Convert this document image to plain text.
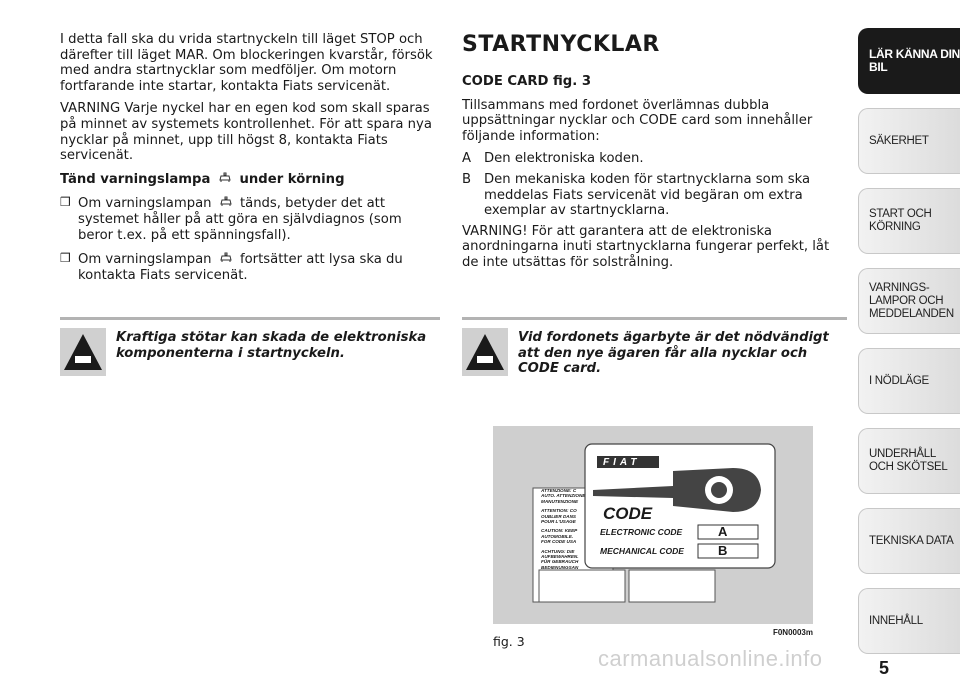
I detta fall ska du vrida startnyckeln till läget STOP och därefter till läget MAR. Om blockeringen kvarstår, försök med andra startnycklar som medföljer. Om motorn fortfarande inte startar, kontakta Fiats servicenät.

VARNING Varje nyckel har en egen kod som skall sparas på minnet av systemets kontrollenhet. För att spara nya nycklar på minnet, upp till högst 8, kontakta Fiats servicenät.

Tänd varningslampa under körning

❒ Om varningslampan tänds, betyder det att systemet håller på att göra en självdiagnos (som beror t.ex. på ett spänningsfall).
❒ Om varningslampan fortsätter att lysa ska du kontakta Fiats servicenät.
Kraftiga stötar kan skada de elektroniska komponenterna i startnyckeln.

STARTNYCKLAR

CODE CARD fig. 3

Tillsammans med fordonet överlämnas dubbla uppsättningar nycklar och CODE card som innehåller följande information:

A Den elektroniska koden.
B Den mekaniska koden för startnycklarna som ska meddelas Fiats servicenät vid begäran om extra exemplar av startnycklarna.

VARNING! För att garantera att de elektroniska anordningarna inuti startnycklarna fungerar perfekt, låt de inte utsättas för solstrålning.

Vid fordonets ägarbyte är det nödvändigt att den nye ägaren får alla nycklar och CODE card.
FIAT
CODE
ELECTRONIC CODE	A
MECHANICAL CODE	B
ATTENZIONE: C
AUTO. ATTENZIONE
MANUTENZIONE
ATTENTION: CO
OUBLIER DANS
POUR L'USAGE
CAUTION: KEEP
AUTOMOBILE.
FOR CODE USA
ACHTUNG: DIE
AUFBEWAHREN.
FÜR GEBRAUCH
BEDIENUNGSAN
F0N0003m
fig. 3
LÄR KÄNNA DIN BIL
SÄKERHET
START OCH KÖRNING
VARNINGS-LAMPOR OCH MEDDELANDEN
I NÖDLÄGE
UNDERHÅLL OCH SKÖTSEL
TEKNISKA DATA
INNEHÅLL
5
carmanualsonline.info
